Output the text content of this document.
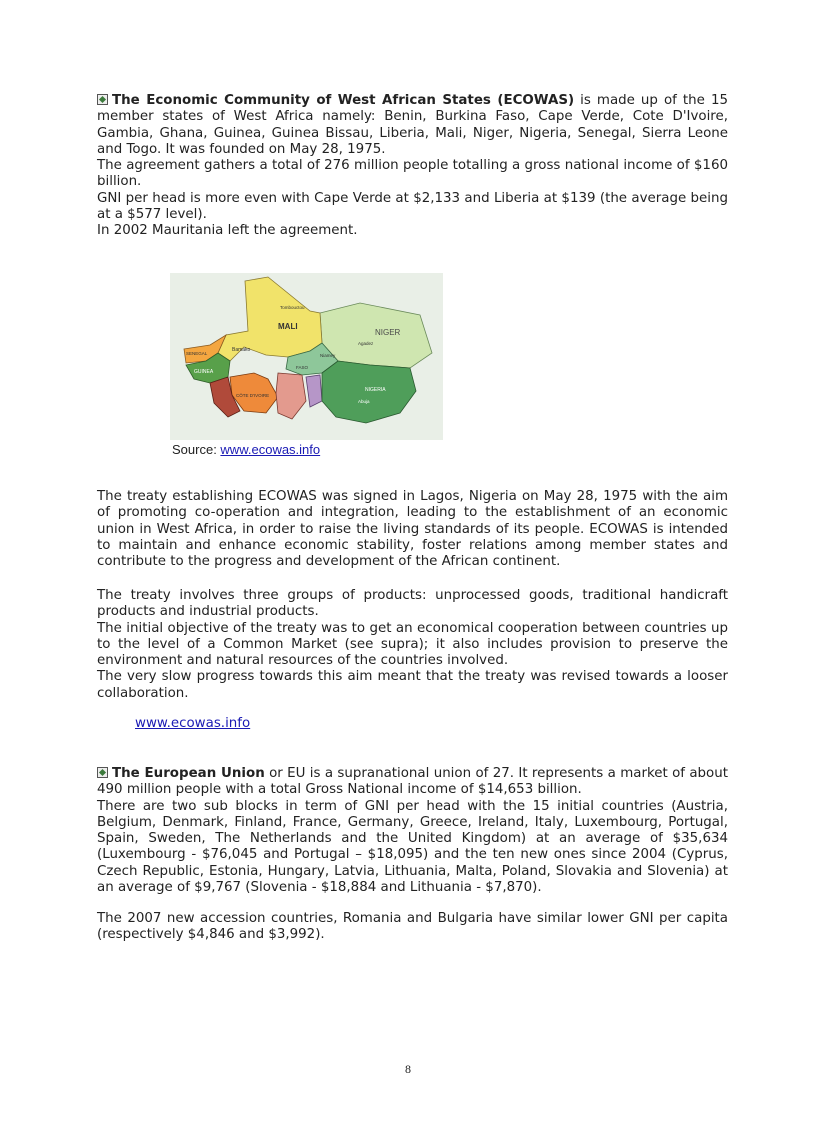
The Economic Community of West African States (ECOWAS) is made up of the 15 member states of West Africa namely: Benin, Burkina Faso, Cape Verde, Cote D'Ivoire, Gambia, Ghana, Guinea, Guinea Bissau, Liberia, Mali, Niger, Nigeria, Senegal, Sierra Leone and Togo. It was founded on May 28, 1975.

The agreement gathers a total of 276 million people totalling a gross national income of $160 billion.

GNI per head is more even with Cape Verde at $2,133 and Liberia at $139 (the average being at a $577 level).

In 2002 Mauritania left the agreement.

NIGER
MALI
SENEGAL
Bamako
GUINEA
NIGERIA
CÔTE D'IVOIRE
Tombouctou
Agadez
Niamey
FASO
Abuja
Source: www.ecowas.info

The treaty establishing ECOWAS was signed in Lagos, Nigeria on May 28, 1975 with the aim of promoting co-operation and integration, leading to the establishment of an economic union in West Africa, in order to raise the living standards of its people. ECOWAS is intended to maintain and enhance economic stability, foster relations among member states and contribute to the progress and development of the African continent.

The treaty involves three groups of products: unprocessed goods, traditional handicraft products and industrial products.

The initial objective of the treaty was to get an economical cooperation between countries up to the level of a Common Market (see supra); it also includes provision to preserve the environment and natural resources of the countries involved.

The very slow progress towards this aim meant that the treaty was revised towards a looser collaboration.

www.ecowas.info

The European Union or EU is a supranational union of 27. It represents a market of about 490 million people with a total Gross National income of $14,653 billion.

There are two sub blocks in term of GNI per head with the 15 initial countries (Austria, Belgium, Denmark, Finland, France, Germany, Greece, Ireland, Italy, Luxembourg, Portugal, Spain, Sweden, The Netherlands and the United Kingdom) at an average of $35,634 (Luxembourg - $76,045 and Portugal – $18,095) and the ten new ones since 2004 (Cyprus, Czech Republic, Estonia, Hungary, Latvia, Lithuania, Malta, Poland, Slovakia and Slovenia) at an average of $9,767 (Slovenia - $18,884 and Lithuania - $7,870).

The 2007 new accession countries, Romania and Bulgaria have similar lower GNI per capita (respectively $4,846 and $3,992).

8
